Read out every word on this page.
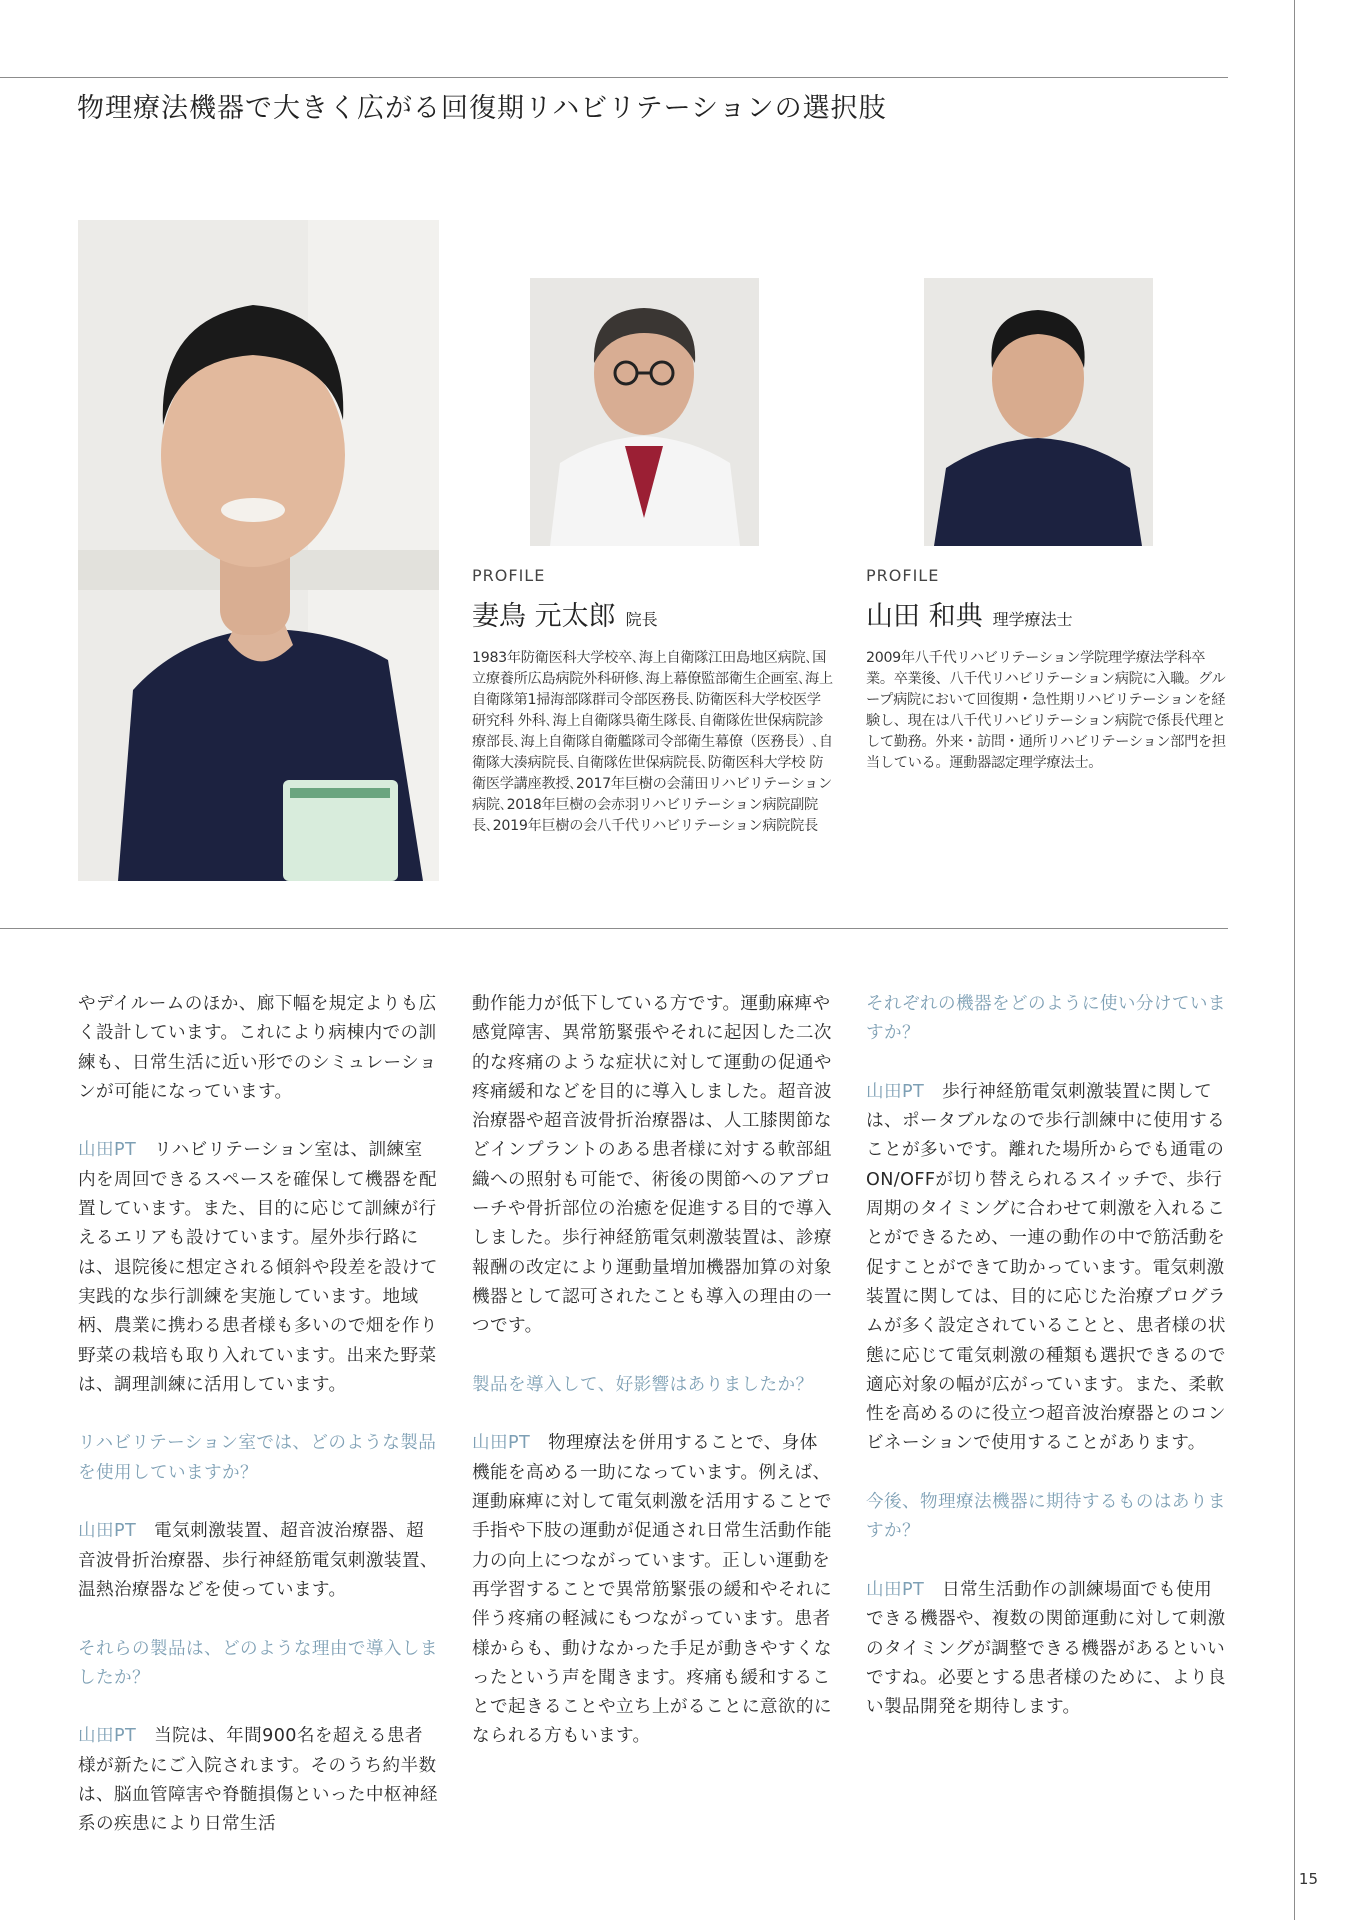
物理療法機器で大きく広がる回復期リハビリテーションの選択肢
PROFILE
妻鳥 元太郎 院長
1983年防衛医科大学校卒､海上自衛隊江田島地区病院､国立療養所広島病院外科研修､海上幕僚監部衛生企画室､海上自衛隊第1掃海部隊群司令部医務長､防衛医科大学校医学研究科 外科､海上自衛隊呉衛生隊長､自衛隊佐世保病院診療部長､海上自衛隊自衛艦隊司令部衛生幕僚（医務長）､自衛隊大湊病院長､自衛隊佐世保病院長､防衛医科大学校 防衛医学講座教授､2017年巨樹の会蒲田リハビリテーション病院､2018年巨樹の会赤羽リハビリテーション病院副院長､2019年巨樹の会八千代リハビリテーション病院院長
PROFILE
山田 和典 理学療法士
2009年八千代リハビリテーション学院理学療法学科卒業。卒業後、八千代リハビリテーション病院に入職。グループ病院において回復期・急性期リハビリテーションを経験し、現在は八千代リハビリテーション病院で係長代理として勤務。外来・訪問・通所リハビリテーション部門を担当している。運動器認定理学療法士。

やデイルームのほか、廊下幅を規定よりも広く設計しています。これにより病棟内での訓練も、日常生活に近い形でのシミュレーションが可能になっています。

山田PT リハビリテーション室は、訓練室内を周回できるスペースを確保して機器を配置しています。また、目的に応じて訓練が行えるエリアも設けています。屋外歩行路には、退院後に想定される傾斜や段差を設けて実践的な歩行訓練を実施しています。地域柄、農業に携わる患者様も多いので畑を作り野菜の栽培も取り入れています。出来た野菜は、調理訓練に活用しています。

リハビリテーション室では、どのような製品を使用していますか？

山田PT 電気刺激装置、超音波治療器、超音波骨折治療器、歩行神経筋電気刺激装置、温熱治療器などを使っています。

それらの製品は、どのような理由で導入しましたか？

山田PT 当院は、年間900名を超える患者様が新たにご入院されます。そのうち約半数は、脳血管障害や脊髄損傷といった中枢神経系の疾患により日常生活

動作能力が低下している方です。運動麻痺や感覚障害、異常筋緊張やそれに起因した二次的な疼痛のような症状に対して運動の促通や疼痛緩和などを目的に導入しました。超音波治療器や超音波骨折治療器は、人工膝関節などインプラントのある患者様に対する軟部組織への照射も可能で、術後の関節へのアプローチや骨折部位の治癒を促進する目的で導入しました。歩行神経筋電気刺激装置は、診療報酬の改定により運動量増加機器加算の対象機器として認可されたことも導入の理由の一つです。

製品を導入して、好影響はありましたか？

山田PT 物理療法を併用することで、身体機能を高める一助になっています。例えば、運動麻痺に対して電気刺激を活用することで手指や下肢の運動が促通され日常生活動作能力の向上につながっています。正しい運動を再学習することで異常筋緊張の緩和やそれに伴う疼痛の軽減にもつながっています。患者様からも、動けなかった手足が動きやすくなったという声を聞きます。疼痛も緩和することで起きることや立ち上がることに意欲的になられる方もいます。

それぞれの機器をどのように使い分けていますか？

山田PT 歩行神経筋電気刺激装置に関しては、ポータブルなので歩行訓練中に使用することが多いです。離れた場所からでも通電のON/OFFが切り替えられるスイッチで、歩行周期のタイミングに合わせて刺激を入れることができるため、一連の動作の中で筋活動を促すことができて助かっています。電気刺激装置に関しては、目的に応じた治療プログラムが多く設定されていることと、患者様の状態に応じて電気刺激の種類も選択できるので適応対象の幅が広がっています。また、柔軟性を高めるのに役立つ超音波治療器とのコンビネーションで使用することがあります。

今後、物理療法機器に期待するものはありますか？

山田PT 日常生活動作の訓練場面でも使用できる機器や、複数の関節運動に対して刺激のタイミングが調整できる機器があるといいですね。必要とする患者様のために、より良い製品開発を期待します。

15
